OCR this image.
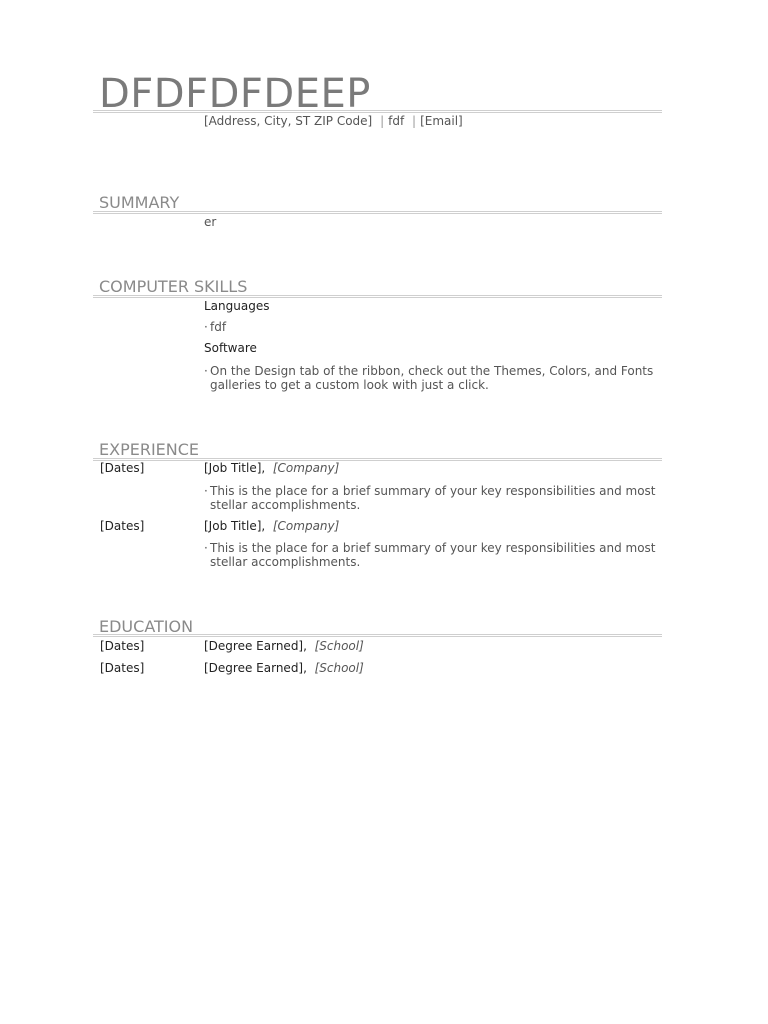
DFDFDFDEEP
[Address, City, ST ZIP Code] | fdf | [Email]
SUMMARY
er
COMPUTER SKILLS
Languages
· fdf
Software
· On the Design tab of the ribbon, check out the Themes, Colors, and Fonts galleries to get a custom look with just a click.
EXPERIENCE
[Dates]	[Job Title], [Company]
· This is the place for a brief summary of your key responsibilities and most stellar accomplishments.
[Dates]	[Job Title], [Company]
· This is the place for a brief summary of your key responsibilities and most stellar accomplishments.
EDUCATION
[Dates]	[Degree Earned], [School]
[Dates]	[Degree Earned], [School]
